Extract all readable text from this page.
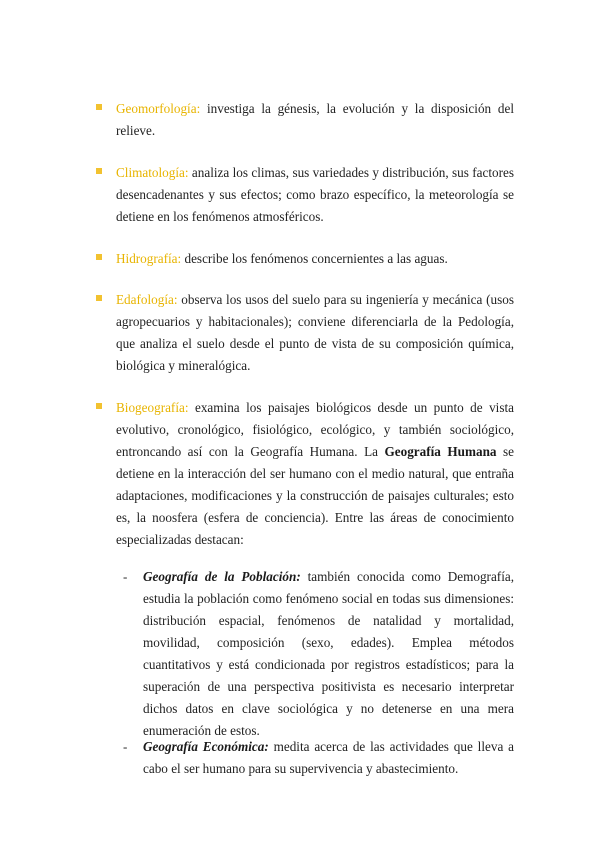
Geomorfología: investiga la génesis, la evolución y la disposición del relieve.

Climatología: analiza los climas, sus variedades y distribución, sus factores desencadenantes y sus efectos; como brazo específico, la meteorología se detiene en los fenómenos atmosféricos.

Hidrografía: describe los fenómenos concernientes a las aguas.

Edafología: observa los usos del suelo para su ingeniería y mecánica (usos agropecuarios y habitacionales); conviene diferenciarla de la Pedología, que analiza el suelo desde el punto de vista de su composición química, biológica y mineralógica.

Biogeografía: examina los paisajes biológicos desde un punto de vista evolutivo, cronológico, fisiológico, ecológico, y también sociológico, entroncando así con la Geografía Humana. La Geografía Humana se detiene en la interacción del ser humano con el medio natural, que entraña adaptaciones, modificaciones y la construcción de paisajes culturales; esto es, la noosfera (esfera de conciencia). Entre las áreas de conocimiento especializadas destacan:

- Geografía de la Población: también conocida como Demografía, estudia la población como fenómeno social en todas sus dimensiones: distribución espacial, fenómenos de natalidad y mortalidad, movilidad, composición (sexo, edades). Emplea métodos cuantitativos y está condicionada por registros estadísticos; para la superación de una perspectiva positivista es necesario interpretar dichos datos en clave sociológica y no detenerse en una mera enumeración de estos.

- Geografía Económica: medita acerca de las actividades que lleva a cabo el ser humano para su supervivencia y abastecimiento.
